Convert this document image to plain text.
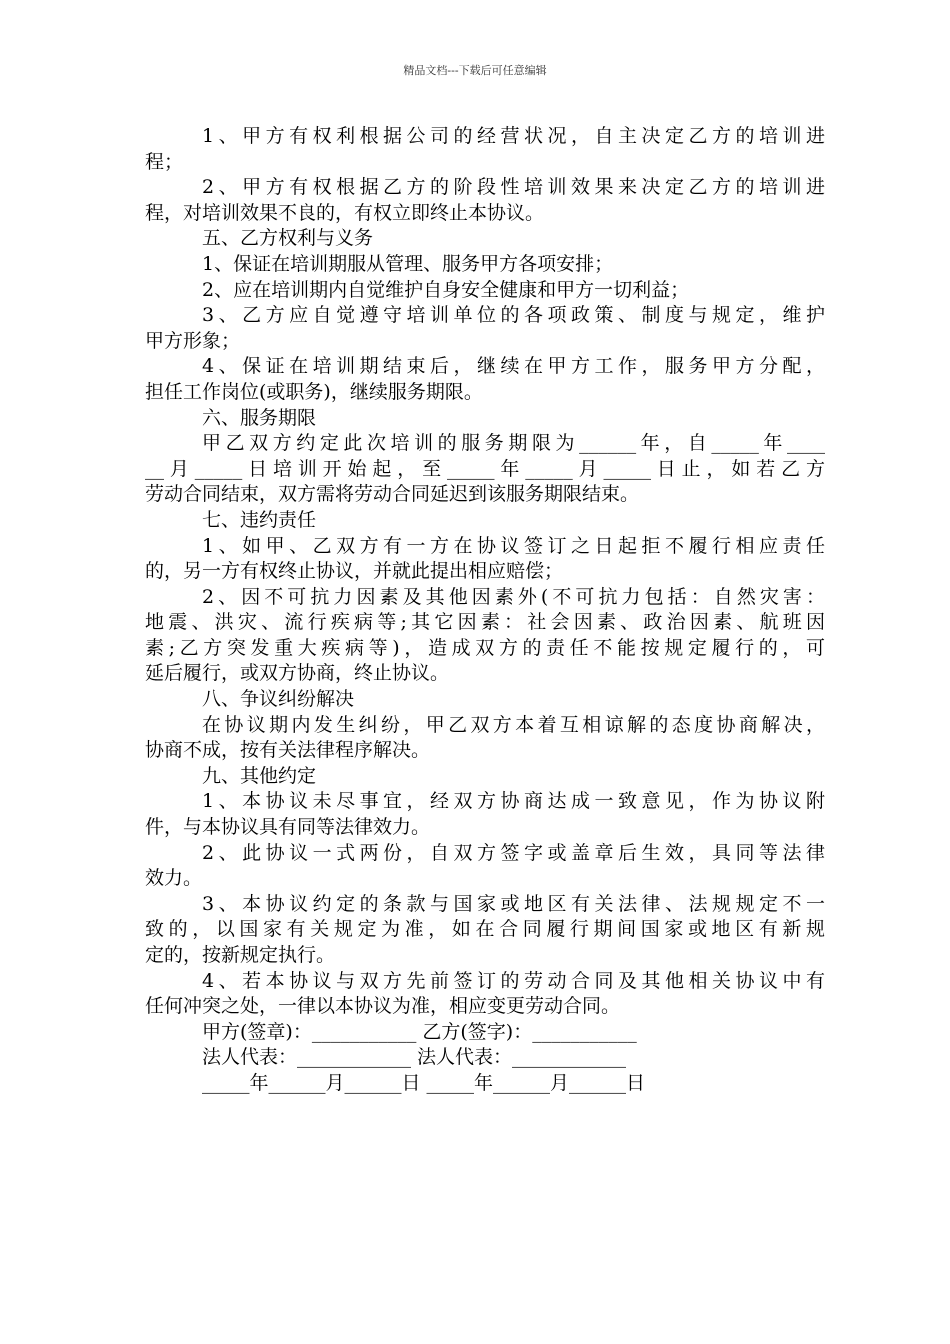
精品文档---下载后可任意编辑
1、甲方有权利根据公司的经营状况，自主决定乙方的培训进
程；
2、甲方有权根据乙方的阶段性培训效果来决定乙方的培训进
程，对培训效果不良的，有权立即终止本协议。
五、乙方权利与义务
1、保证在培训期服从管理、服务甲方各项安排；
2、应在培训期内自觉维护自身安全健康和甲方一切利益；
3、乙方应自觉遵守培训单位的各项政策、制度与规定，维护
甲方形象；
4、保证在培训期结束后，继续在甲方工作，服务甲方分配，
担任工作岗位(或职务)，继续服务期限。
六、服务期限
甲乙双方约定此次培训的服务期限为______年，自_____年____
__月_____日培训开始起，至_____年_____月_____日止，如若乙方
劳动合同结束，双方需将劳动合同延迟到该服务期限结束。
七、违约责任
1、如甲、乙双方有一方在协议签订之日起拒不履行相应责任
的，另一方有权终止协议，并就此提出相应赔偿；
2、因不可抗力因素及其他因素外(不可抗力包括：自然灾害：
地震、洪灾、流行疾病等;其它因素：社会因素、政治因素、航班因
素;乙方突发重大疾病等)，造成双方的责任不能按规定履行的，可
延后履行，或双方协商，终止协议。
八、争议纠纷解决
在协议期内发生纠纷，甲乙双方本着互相谅解的态度协商解决，
协商不成，按有关法律程序解决。
九、其他约定
1、本协议未尽事宜，经双方协商达成一致意见，作为协议附
件，与本协议具有同等法律效力。
2、此协议一式两份，自双方签字或盖章后生效，具同等法律
效力。
3、本协议约定的条款与国家或地区有关法律、法规规定不一
致的，以国家有关规定为准，如在合同履行期间国家或地区有新规
定的，按新规定执行。
4、若本协议与双方先前签订的劳动合同及其他相关协议中有
任何冲突之处，一律以本协议为准，相应变更劳动合同。
甲方(签章)：___________ 乙方(签字)：___________
法人代表：____________ 法人代表：____________
_____年______月______日 _____年______月______日
